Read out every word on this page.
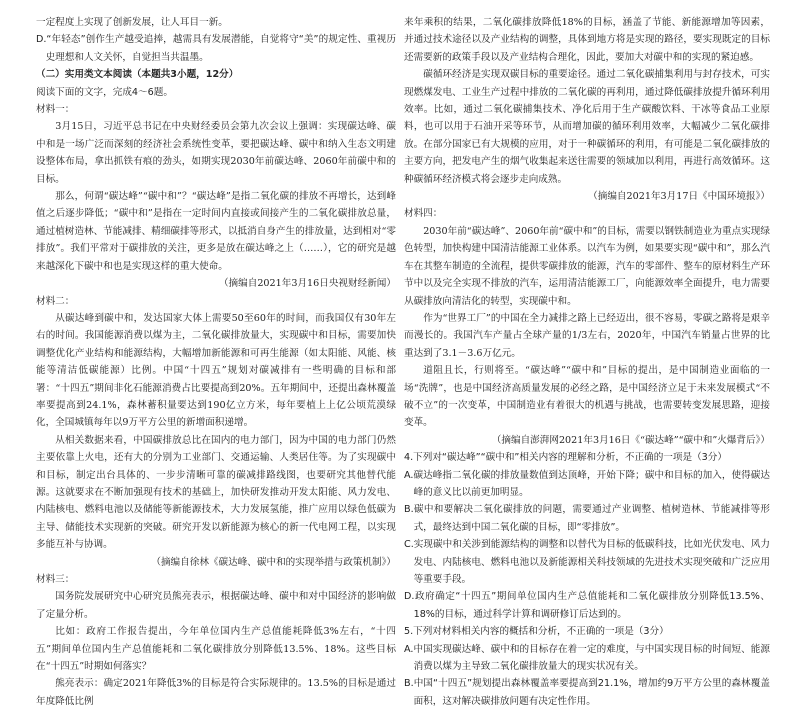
一定程度上实现了创新发展，让人耳目一新。

D.“年轻态”创作生产越受追捧，越需具有发展潜能，自觉将守“美”的规定性、重视历史理想和人文关怀，自觉担当共温墨。

（二）实用类文本阅读（本题共3小题，12分）

阅读下面的文字，完成4～6题。

材料一：

3月15日，习近平总书记在中央财经委员会第九次会议上强调：实现碳达峰、碳中和是一场广泛而深刻的经济社会系统性变革，要把碳达峰、碳中和纳入生态文明建设整体布局，拿出抓铁有痕的劲头，如期实现2030年前碳达峰、2060年前碳中和的目标。

那么，何谓“碳达峰”“碳中和”？“碳达峰”是指二氧化碳的排放不再增长，达到峰值之后逐步降低；“碳中和”是指在一定时间内直接或间接产生的二氧化碳排放总量，通过植树造林、节能减排、精细碳排等形式，以抵消自身产生的排放量，达到相对“零排放”。我们平常对于碳排放的关注，更多是放在碳达峰之上（……），它的研究是越来越深化下碳中和也是实现这样的重大使命。

（摘编自2021年3月16日央视财经新闻）

材料二：

从碳达峰到碳中和，发达国家大体上需要50至60年的时间，而我国仅有30年左右的时间。我国能源消费以煤为主，二氧化碳排放量大，实现碳中和目标，需要加快调整优化产业结构和能源结构，大幅增加新能源和可再生能源（如太阳能、风能、核能等清洁低碳能源）比例。中国“十四五”规划对碳减排有一些明确的目标和部署：“十四五”期间非化石能源消费占比要提高到20%。五年期间中，还提出森林覆盖率要提高到24.1%，森林蓄积量要达到190亿立方米，每年要植上上亿公顷荒漠绿化，全国城镇每年以9万平方公里的新增面积递增。

从相关数据来看，中国碳排放总比在国内的电力部门，因为中国的电力部门仍然主要依靠上火电，还有大的分别为工业部门、交通运输、人类居住等。为了实现碳中和目标，制定出台具体的、一步步清晰可靠的碳减排路线图，也要研究其他替代能源。这就要求在不断加强现有技术的基础上，加快研发推动开发太阳能、风力发电、内陆核电、燃料电池以及储能等新能源技术，大力发展氢能，推广应用以绿色低碳为主导、储能技术实现新的突破。研究开发以新能源为核心的新一代电网工程，以实现多能互补与协调。

（摘编自徐林《碳达峰、碳中和的实现举措与政策机制》）

材料三：

国务院发展研究中心研究员熊亮表示，根据碳达峰、碳中和对中国经济的影响做了定量分析。

比如：政府工作报告提出，今年单位国内生产总值能耗降低3%左右，“十四五”期间单位国内生产总值能耗和二氧化碳排放分别降低13.5%、18%。这些目标在“十四五”时期如何落实？

熊亮表示：确定2021年降低3%的目标是符合实际规律的。13.5%的目标是通过年度降低比例

来年乘积的结果，二氧化碳排放降低18%的目标，涵盖了节能、新能源增加等因素，并通过技术途径以及产业结构的调整，具体到地方将是实现的路径，要实现既定的目标还需要新的政策手段以及产业结构合理化，因此，要加大对碳中和的实现的紧迫感。

碳循环经济是实现双碳目标的重要途径。通过二氧化碳捕集利用与封存技术，可实现燃煤发电、工业生产过程中排放的二氧化碳的再利用，通过降低碳排放提升循环利用效率。比如，通过二氧化碳捕集技术、净化后用于生产碳酸饮料、干冰等食品工业原料，也可以用于石油开采等环节，从而增加碳的循环利用效率，大幅减少二氧化碳排放。在部分国家已有大规模的应用，对于一种碳循环的利用，有可能是二氧化碳排放的主要方向，把发电产生的烟气收集起来送往需要的领域加以利用，再进行高效循环。这种碳循环经济模式将会逐步走向成熟。

（摘编自2021年3月17日《中国环境报》）

材料四：

2030年前“碳达峰”、2060年前“碳中和”的目标，需要以钢铁制造业为重点实现绿色转型，加快构建中国清洁能源工业体系。以汽车为例，如果要实现“碳中和”，那么汽车在其整车制造的全流程，提供零碳排放的能源，汽车的零部件、整车的原材料生产环节中以及完全实现不排放的汽车，运用清洁能源工厂，向能源效率全面提升，电力需要从碳排放向清洁化的转型，实现碳中和。

作为“世界工厂”的中国在全力减排之路上已经迈出，很不容易，零碳之路将是艰辛而漫长的。我国汽车产量占全球产量的1/3左右，2020年，中国汽车销量占世界的比重达到了3.1－3.6万亿元。

道阻且长，行则将至。“碳达峰”“碳中和”目标的提出，是中国制造业面临的一场“洗牌”，也是中国经济高质量发展的必经之路，是中国经济立足于未来发展模式“不破不立”的一次变革，中国制造业有着很大的机遇与挑战，也需要转变发展思路，迎接变革。

（摘编自澎湃网2021年3月16日《“碳达峰”“碳中和”火爆背后》）

4.下列对“碳达峰”“碳中和”相关内容的理解和分析，不正确的一项是（3分）

A.碳达峰指二氧化碳的排放量数值到达顶峰，开始下降；碳中和目标的加入，使得碳达峰的意义比以前更加明显。

B.碳中和要解决二氧化碳排放的问题，需要通过产业调整、植树造林、节能减排等形式，最终达到中国二氧化碳的目标，即“零排放”。

C.实现碳中和关涉到能源结构的调整和以替代为目标的低碳科技，比如光伏发电、风力发电、内陆核电、燃料电池以及新能源相关科技领域的先进技术实现突破和广泛应用等重要手段。

D.政府确定“十四五”期间单位国内生产总值能耗和二氧化碳排放分别降低13.5%、18%的目标，通过科学计算和调研修订后达到的。

5.下列对材料相关内容的概括和分析，不正确的一项是（3分）

A.中国实现碳达峰、碳中和的目标存在着一定的难度，与中国实现目标的时间短、能源消费以煤为主导致二氧化碳排放量大的现实状况有关。

B.中国“十四五”规划提出森林覆盖率要提高到21.1%，增加约9万平方公里的森林覆盖面积，这对解决碳排放问题有决定性作用。
